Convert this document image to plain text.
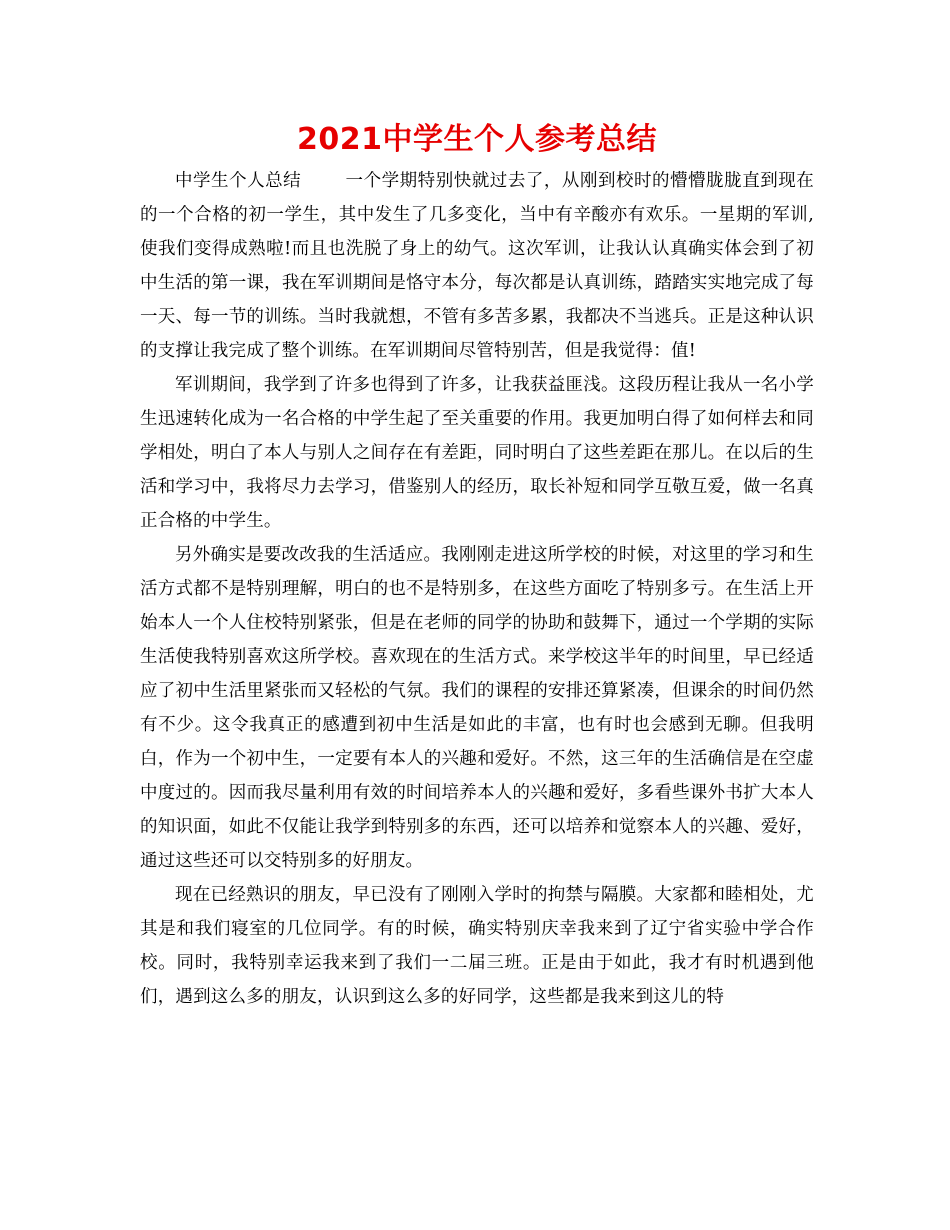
2021中学生个人参考总结

中学生个人总结	一个学期特别快就过去了，从刚到校时的懵懵胧胧直到现在的一个合格的初一学生，其中发生了几多变化，当中有辛酸亦有欢乐。一星期的军训,使我们变得成熟啦!而且也洗脱了身上的幼气。这次军训，让我认认真确实体会到了初中生活的第一课，我在军训期间是恪守本分，每次都是认真训练，踏踏实实地完成了每一天、每一节的训练。当时我就想，不管有多苦多累，我都决不当逃兵。正是这种认识的支撑让我完成了整个训练。在军训期间尽管特别苦，但是我觉得：值!

军训期间，我学到了许多也得到了许多，让我获益匪浅。这段历程让我从一名小学生迅速转化成为一名合格的中学生起了至关重要的作用。我更加明白得了如何样去和同学相处，明白了本人与别人之间存在有差距，同时明白了这些差距在那儿。在以后的生活和学习中，我将尽力去学习，借鉴别人的经历，取长补短和同学互敬互爱，做一名真正合格的中学生。

另外确实是要改改我的生活适应。我刚刚走进这所学校的时候，对这里的学习和生活方式都不是特别理解，明白的也不是特别多，在这些方面吃了特别多亏。在生活上开始本人一个人住校特别紧张，但是在老师的同学的协助和鼓舞下，通过一个学期的实际生活使我特别喜欢这所学校。喜欢现在的生活方式。来学校这半年的时间里，早已经适应了初中生活里紧张而又轻松的气氛。我们的课程的安排还算紧凑，但课余的时间仍然有不少。这令我真正的感遭到初中生活是如此的丰富，也有时也会感到无聊。但我明白，作为一个初中生，一定要有本人的兴趣和爱好。不然，这三年的生活确信是在空虚中度过的。因而我尽量利用有效的时间培养本人的兴趣和爱好，多看些课外书扩大本人的知识面，如此不仅能让我学到特别多的东西，还可以培养和觉察本人的兴趣、爱好，通过这些还可以交特别多的好朋友。

现在已经熟识的朋友，早已没有了刚刚入学时的拘禁与隔膜。大家都和睦相处，尤其是和我们寝室的几位同学。有的时候，确实特别庆幸我来到了辽宁省实验中学合作校。同时，我特别幸运我来到了我们一二届三班。正是由于如此，我才有时机遇到他们，遇到这么多的朋友，认识到这么多的好同学，这些都是我来到这儿的特
